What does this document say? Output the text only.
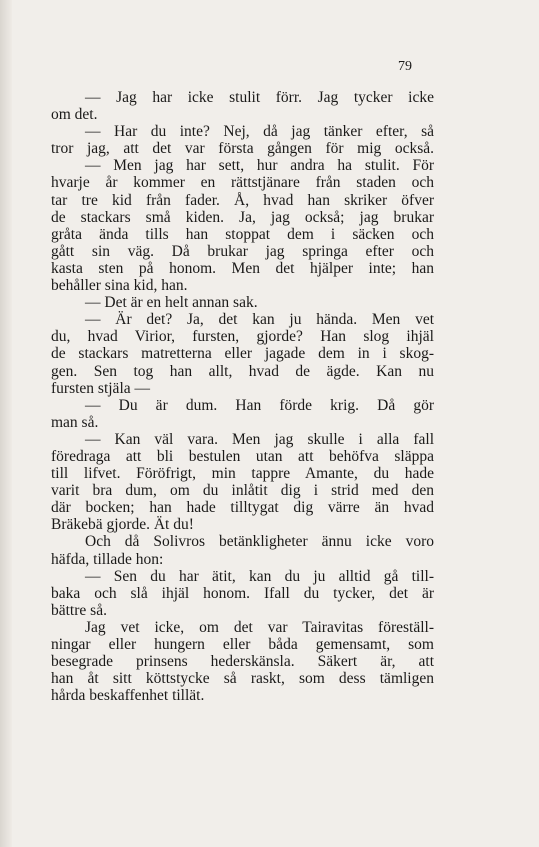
79
— Jag har icke stulit förr. Jag tycker icke
om det.
— Har du inte? Nej, då jag tänker efter, så
tror jag, att det var första gången för mig också.
— Men jag har sett, hur andra ha stulit. För
hvarje år kommer en rättstjänare från staden och
tar tre kid från fader. Å, hvad han skriker öfver
de stackars små kiden. Ja, jag också; jag brukar
gråta ända tills han stoppat dem i säcken och
gått sin väg. Då brukar jag springa efter och
kasta sten på honom. Men det hjälper inte; han
behåller sina kid, han.
— Det är en helt annan sak.
— Är det? Ja, det kan ju hända. Men vet
du, hvad Virior, fursten, gjorde? Han slog ihjäl
de stackars matretterna eller jagade dem in i skog-
gen. Sen tog han allt, hvad de ägde. Kan nu
fursten stjäla —
— Du är dum. Han förde krig. Då gör
man så.
— Kan väl vara. Men jag skulle i alla fall
föredraga att bli bestulen utan att behöfva släppa
till lifvet. Föröfrigt, min tappre Amante, du hade
varit bra dum, om du inlåtit dig i strid med den
där bocken; han hade tilltygat dig värre än hvad
Bräkebä gjorde. Ät du!
Och då Solivros betänkligheter ännu icke voro
häfda, tillade hon:
— Sen du har ätit, kan du ju alltid gå till-
baka och slå ihjäl honom. Ifall du tycker, det är
bättre så.
Jag vet icke, om det var Tairavitas föreställ-
ningar eller hungern eller båda gemensamt, som
besegrade prinsens hederskänsla. Säkert är, att
han åt sitt köttstycke så raskt, som dess tämligen
hårda beskaffenhet tillät.
